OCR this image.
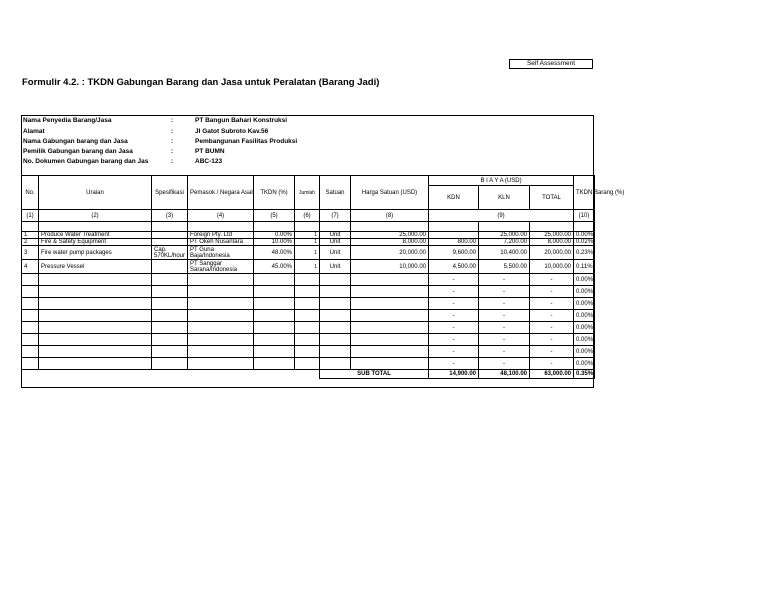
Self Assessment
Formulir 4.2. : TKDN Gabungan Barang dan Jasa untuk Peralatan (Barang Jadi)
Nama Penyedia Barang/Jasa	:	PT Bangun Bahari Konstruksi
Alamat	:	Jl Gatot Subroto Kav.56
Nama Gabungan barang dan Jasa	:	Pembangunan Fasilitas Produksi
Pemilik Gabungan barang dan Jasa	:	PT BUMN
No. Dokumen Gabungan barang dan Jas	:	ABC-123
No.	Uraian	Spesifikasi	Pemasok / Negara Asal	TKDN (%)	Jumlah	Satuan	Harga Satuan (USD)	B I A Y A (USD)			TKDN Barang (%)
								KDN	KLN	TOTAL	
(1)	(2)	(3)	(4)	(5)	(6)	(7)	(8)	(9)			(10)

1	Produce Water Treatment		Foreign Pty. Ltd	0.00%	1	Unit	25,000.00		25,000.00	25,000.00	0.00%
2	Fire & Safety Equipment		PT Okeh Nusantara	10.00%	1	Unit	8,000.00	800.00	7,200.00	8,000.00	0.02%
3	Fire water pump packages	Cap. 570KL/hour	PT Guna Baja/Indonesia	48.00%	1	Unit	20,000.00	9,600.00	10,400.00	20,000.00	0.23%
4	Pressure Vessel		PT Sanggar Sarana/Indonesia	45.00%	1	Unit	10,000.00	4,500.00	5,500.00	10,000.00	0.11%
								-	-	-	0.00%
								-	-	-	0.00%
								-	-	-	0.00%
								-	-	-	0.00%
								-	-	-	0.00%
								-	-	-	0.00%
								-	-	-	0.00%
								-	-	-	0.00%
						SUB TOTAL		14,900.00	48,100.00	63,000.00	0.35%
